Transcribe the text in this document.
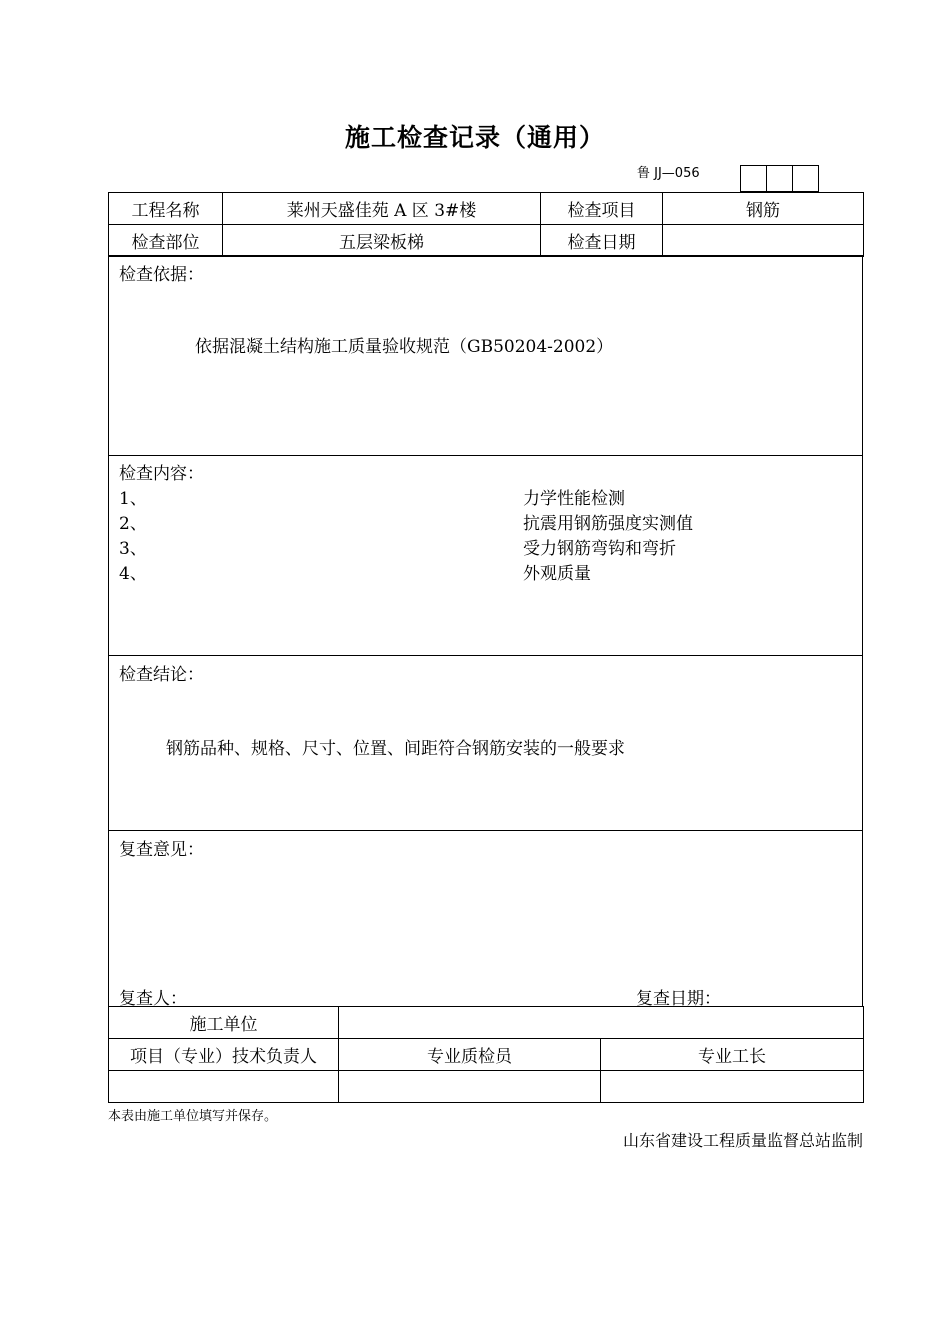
施工检查记录（通用）
鲁 JJ—056
工程名称	莱州天盛佳苑 A 区 3#楼	检查项目	钢筋
检查部位	五层梁板梯	检查日期	
检查依据：
依据混凝土结构施工质量验收规范（GB50204-2002）
检查内容：
1、	力学性能检测
2、	抗震用钢筋强度实测值
3、	受力钢筋弯钩和弯折
4、	外观质量
检查结论：
钢筋品种、规格、尺寸、位置、间距符合钢筋安装的一般要求
复查意见：
复查人：	复查日期：
施工单位		
项目（专业）技术负责人	专业质检员	专业工长

本表由施工单位填写并保存。
山东省建设工程质量监督总站监制
